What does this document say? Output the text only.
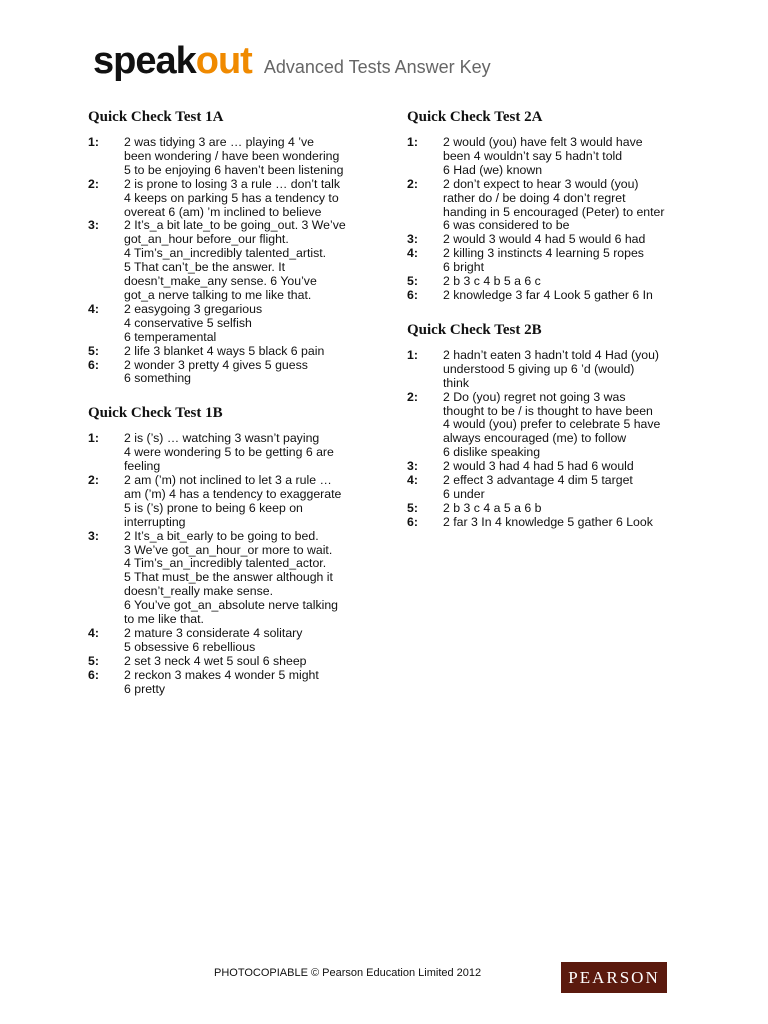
speakout Advanced Tests Answer Key
Quick Check Test 1A
1:	2 was tidying 3 are … playing 4 ’ve
been wondering / have been wondering
5 to be enjoying 6 haven’t been listening
2:	2 is prone to losing 3 a rule … don’t talk
4 keeps on parking 5 has a tendency to
overeat 6 (am) ’m inclined to believe
3:	2 It’s_a bit late_to be going_out. 3 We’ve
got_an_hour before_our flight.
4 Tim’s_an_incredibly talented_artist.
5 That can’t_be the answer. It
doesn’t_make_any sense. 6 You’ve
got_a nerve talking to me like that.
4:	2 easygoing 3 gregarious
4 conservative 5 selfish
6 temperamental
5:	2 life 3 blanket 4 ways 5 black 6 pain
6:	2 wonder 3 pretty 4 gives 5 guess
6 something
Quick Check Test 1B
1:	2 is (’s) … watching 3 wasn’t paying
4 were wondering 5 to be getting 6 are
feeling
2:	2 am (’m) not inclined to let 3 a rule …
am (’m) 4 has a tendency to exaggerate
5 is (’s) prone to being 6 keep on
interrupting
3:	2 It’s_a bit_early to be going to bed.
3 We’ve got_an_hour_or more to wait.
4 Tim’s_an_incredibly talented_actor.
5 That must_be the answer although it
doesn’t_really make sense.
6 You’ve got_an_absolute nerve talking
to me like that.
4:	2 mature 3 considerate 4 solitary
5 obsessive 6 rebellious
5:	2 set 3 neck 4 wet 5 soul 6 sheep
6:	2 reckon 3 makes 4 wonder 5 might
6 pretty
Quick Check Test 2A
1:	2 would (you) have felt 3 would have
been 4 wouldn’t say 5 hadn’t told
6 Had (we) known
2:	2 don’t expect to hear 3 would (you)
rather do / be doing 4 don’t regret
handing in 5 encouraged (Peter) to enter
6 was considered to be
3:	2 would 3 would 4 had 5 would 6 had
4:	2 killing 3 instincts 4 learning 5 ropes
6 bright
5:	2 b 3 c 4 b 5 a 6 c
6:	2 knowledge 3 far 4 Look 5 gather 6 In
Quick Check Test 2B
1:	2 hadn’t eaten 3 hadn’t told 4 Had (you)
understood 5 giving up 6 ’d (would)
think
2:	2 Do (you) regret not going 3 was
thought to be / is thought to have been
4 would (you) prefer to celebrate 5 have
always encouraged (me) to follow
6 dislike speaking
3:	2 would 3 had 4 had 5 had 6 would
4:	2 effect 3 advantage 4 dim 5 target
6 under
5:	2 b 3 c 4 a 5 a 6 b
6:	2 far 3 In 4 knowledge 5 gather 6 Look
PHOTOCOPIABLE © Pearson Education Limited 2012	PEARSON
